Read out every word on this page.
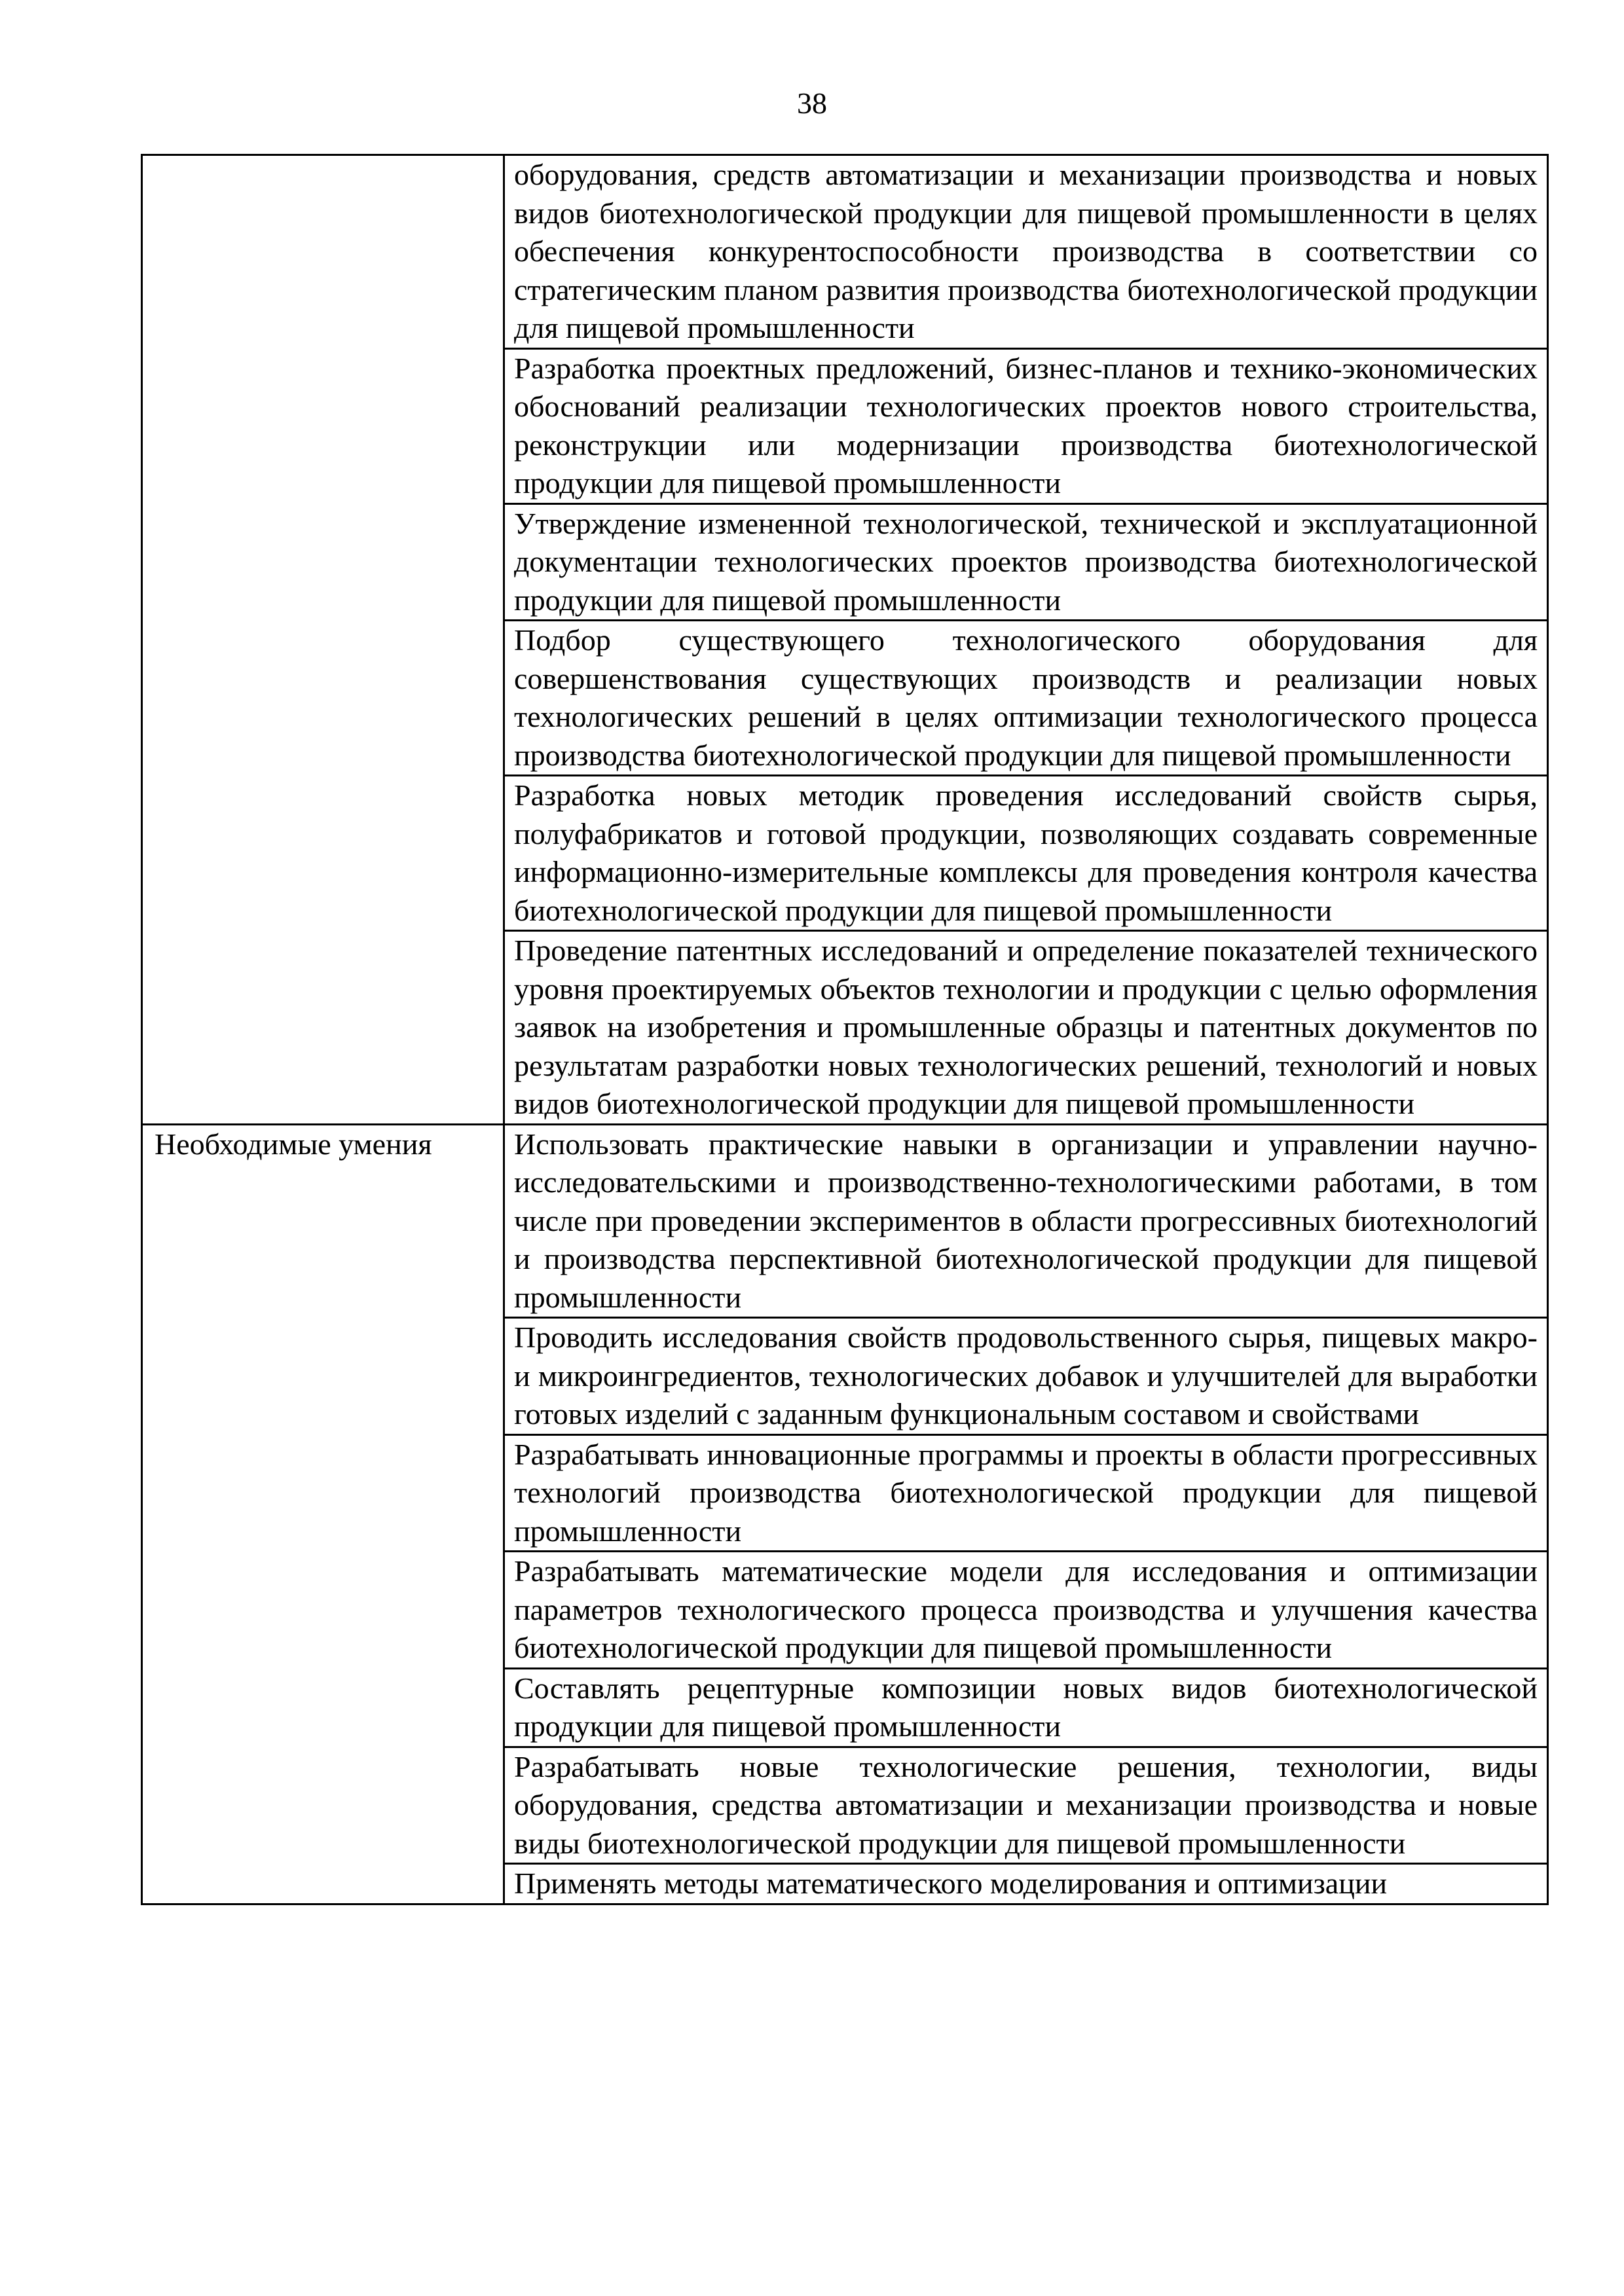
38

	оборудования, средств автоматизации и механизации производства и новых видов биотехнологической продукции для пищевой промышленности в целях обеспечения конкурентоспособности производства в соответствии со стратегическим планом развития производства биотехнологической продукции для пищевой промышленности

	Разработка проектных предложений, бизнес-планов и технико-экономических обоснований реализации технологических проектов нового строительства, реконструкции или модернизации производства биотехнологической продукции для пищевой промышленности

	Утверждение измененной технологической, технической и эксплуатационной документации технологических проектов производства биотехнологической продукции для пищевой промышленности

	Подбор существующего технологического оборудования для совершенствования существующих производств и реализации новых технологических решений в целях оптимизации технологического процесса производства биотехнологической продукции для пищевой промышленности

	Разработка новых методик проведения исследований свойств сырья, полуфабрикатов и готовой продукции, позволяющих создавать современные информационно-измерительные комплексы для проведения контроля качества биотехнологической продукции для пищевой промышленности

	Проведение патентных исследований и определение показателей технического уровня проектируемых объектов технологии и продукции с целью оформления заявок на изобретения и промышленные образцы и патентных документов по результатам разработки новых технологических решений, технологий и новых видов биотехнологической продукции для пищевой промышленности

Необходимые умения	Использовать практические навыки в организации и управлении научно-исследовательскими и производственно-технологическими работами, в том числе при проведении экспериментов в области прогрессивных биотехнологий и производства перспективной биотехнологической продукции для пищевой промышленности

	Проводить исследования свойств продовольственного сырья, пищевых макро- и микроингредиентов, технологических добавок и улучшителей для выработки готовых изделий с заданным функциональным составом и свойствами

	Разрабатывать инновационные программы и проекты в области прогрессивных технологий производства биотехнологической продукции для пищевой промышленности

	Разрабатывать математические модели для исследования и оптимизации параметров технологического процесса производства и улучшения качества биотехнологической продукции для пищевой промышленности

	Составлять рецептурные композиции новых видов биотехнологической продукции для пищевой промышленности

	Разрабатывать новые технологические решения, технологии, виды оборудования, средства автоматизации и механизации производства и новые виды биотехнологической продукции для пищевой промышленности

	Применять методы математического моделирования и оптимизации
